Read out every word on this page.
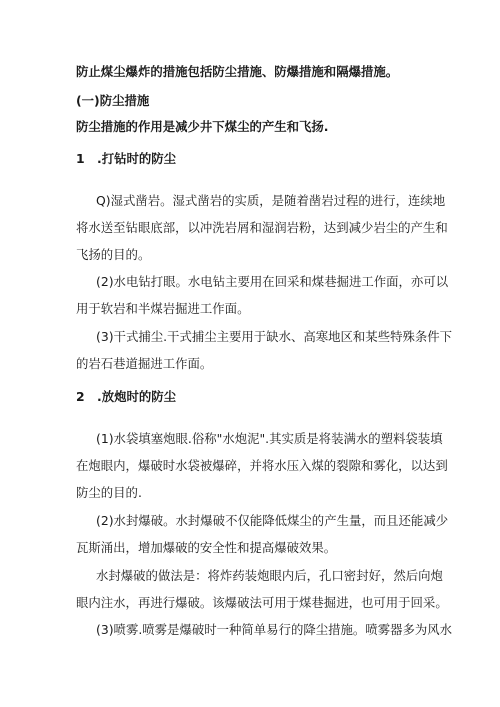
防止煤尘爆炸的措施包括防尘措施、防爆措施和隔爆措施。
(一)防尘措施
防尘措施的作用是减少井下煤尘的产生和飞扬.
1　.打钻时的防尘
Q)湿式凿岩。湿式凿岩的实质，是随着凿岩过程的进行，连续地
将水送至钻眼底部，以冲洗岩屑和湿润岩粉，达到减少岩尘的产生和
飞扬的目的。
(2)水电钻打眼。水电钻主要用在回采和煤巷掘进工作面，亦可以
用于软岩和半煤岩掘进工作面。
(3)干式捕尘.干式捕尘主要用于缺水、高寒地区和某些特殊条件下
的岩石巷道掘进工作面。
2　.放炮时的防尘
(1)水袋填塞炮眼.俗称"水炮泥".其实质是将装满水的塑料袋装填
在炮眼内，爆破时水袋被爆碎，并将水压入煤的裂隙和雾化，以达到
防尘的目的.
(2)水封爆破。水封爆破不仅能降低煤尘的产生量，而且还能减少
瓦斯涌出，增加爆破的安全性和提高爆破效果。
水封爆破的做法是：将炸药装炮眼内后，孔口密封好，然后向炮
眼内注水，再进行爆破。该爆破法可用于煤巷掘进，也可用于回采。
(3)喷雾.喷雾是爆破时一种简单易行的降尘措施。喷雾器多为风水
